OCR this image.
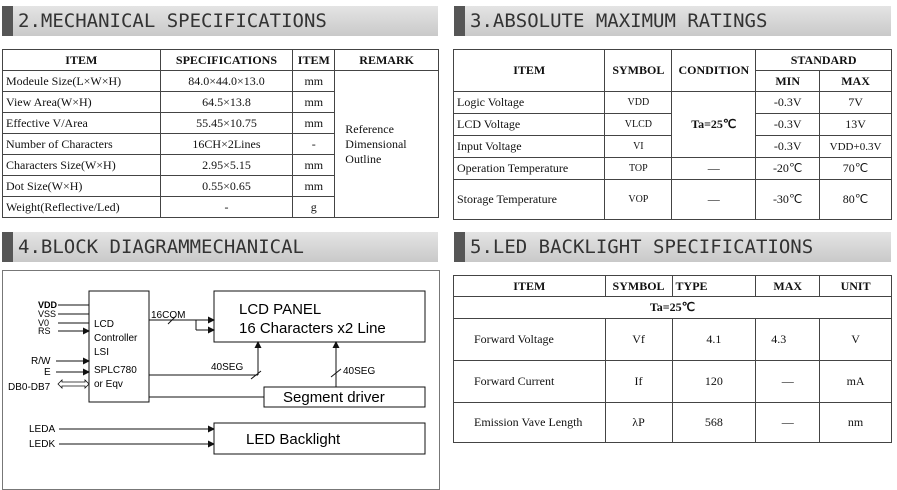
2.MECHANICAL SPECIFICATIONS
ITEM	SPECIFICATIONS	ITEM	REMARK
Modeule Size(L×W×H)	84.0×44.0×13.0	mm	Reference
Dimensional
Outline

View Area(W×H)	64.5×13.8	mm	
Effective V/Area	55.45×10.75	mm	
Number of Characters	16CH×2Lines	-	
Characters Size(W×H)	2.95×5.15	mm	
Dot Size(W×H)	0.55×0.65	mm	
Weight(Reflective/Led)	-	g	
3.ABSOLUTE MAXIMUM RATINGS
ITEM	SYMBOL	CONDITION	STANDARD	
			MIN	MAX
Logic Voltage	VDD	Ta=25℃	-0.3V	7V
LCD Voltage	VLCD		-0.3V	13V
Input Voltage	VI		-0.3V	VDD+0.3V
Operation Temperature	TOP	—	-20℃	70℃
Storage Temperature	VOP	—	-30℃	80℃
4.BLOCK DIAGRAMMECHANICAL
LCD
Controller
LSI
SPLC780
or Eqv
VDD
VSS
V0
RS
R/W
E
DB0-DB7
LCD PANEL
16 Characters x2 Line
16COM
40SEG
Segment driver
40SEG
LEDA
LEDK	LED Backlight
5.LED BACKLIGHT SPECIFICATIONS
ITEM	SYMBOL	TYPE	MAX	UNIT
Ta=25℃				
Forward Voltage	Vf	4.1	4.3	V
Forward Current	If	120	—	mA
Emission Vave Length	λP	568	—	nm
